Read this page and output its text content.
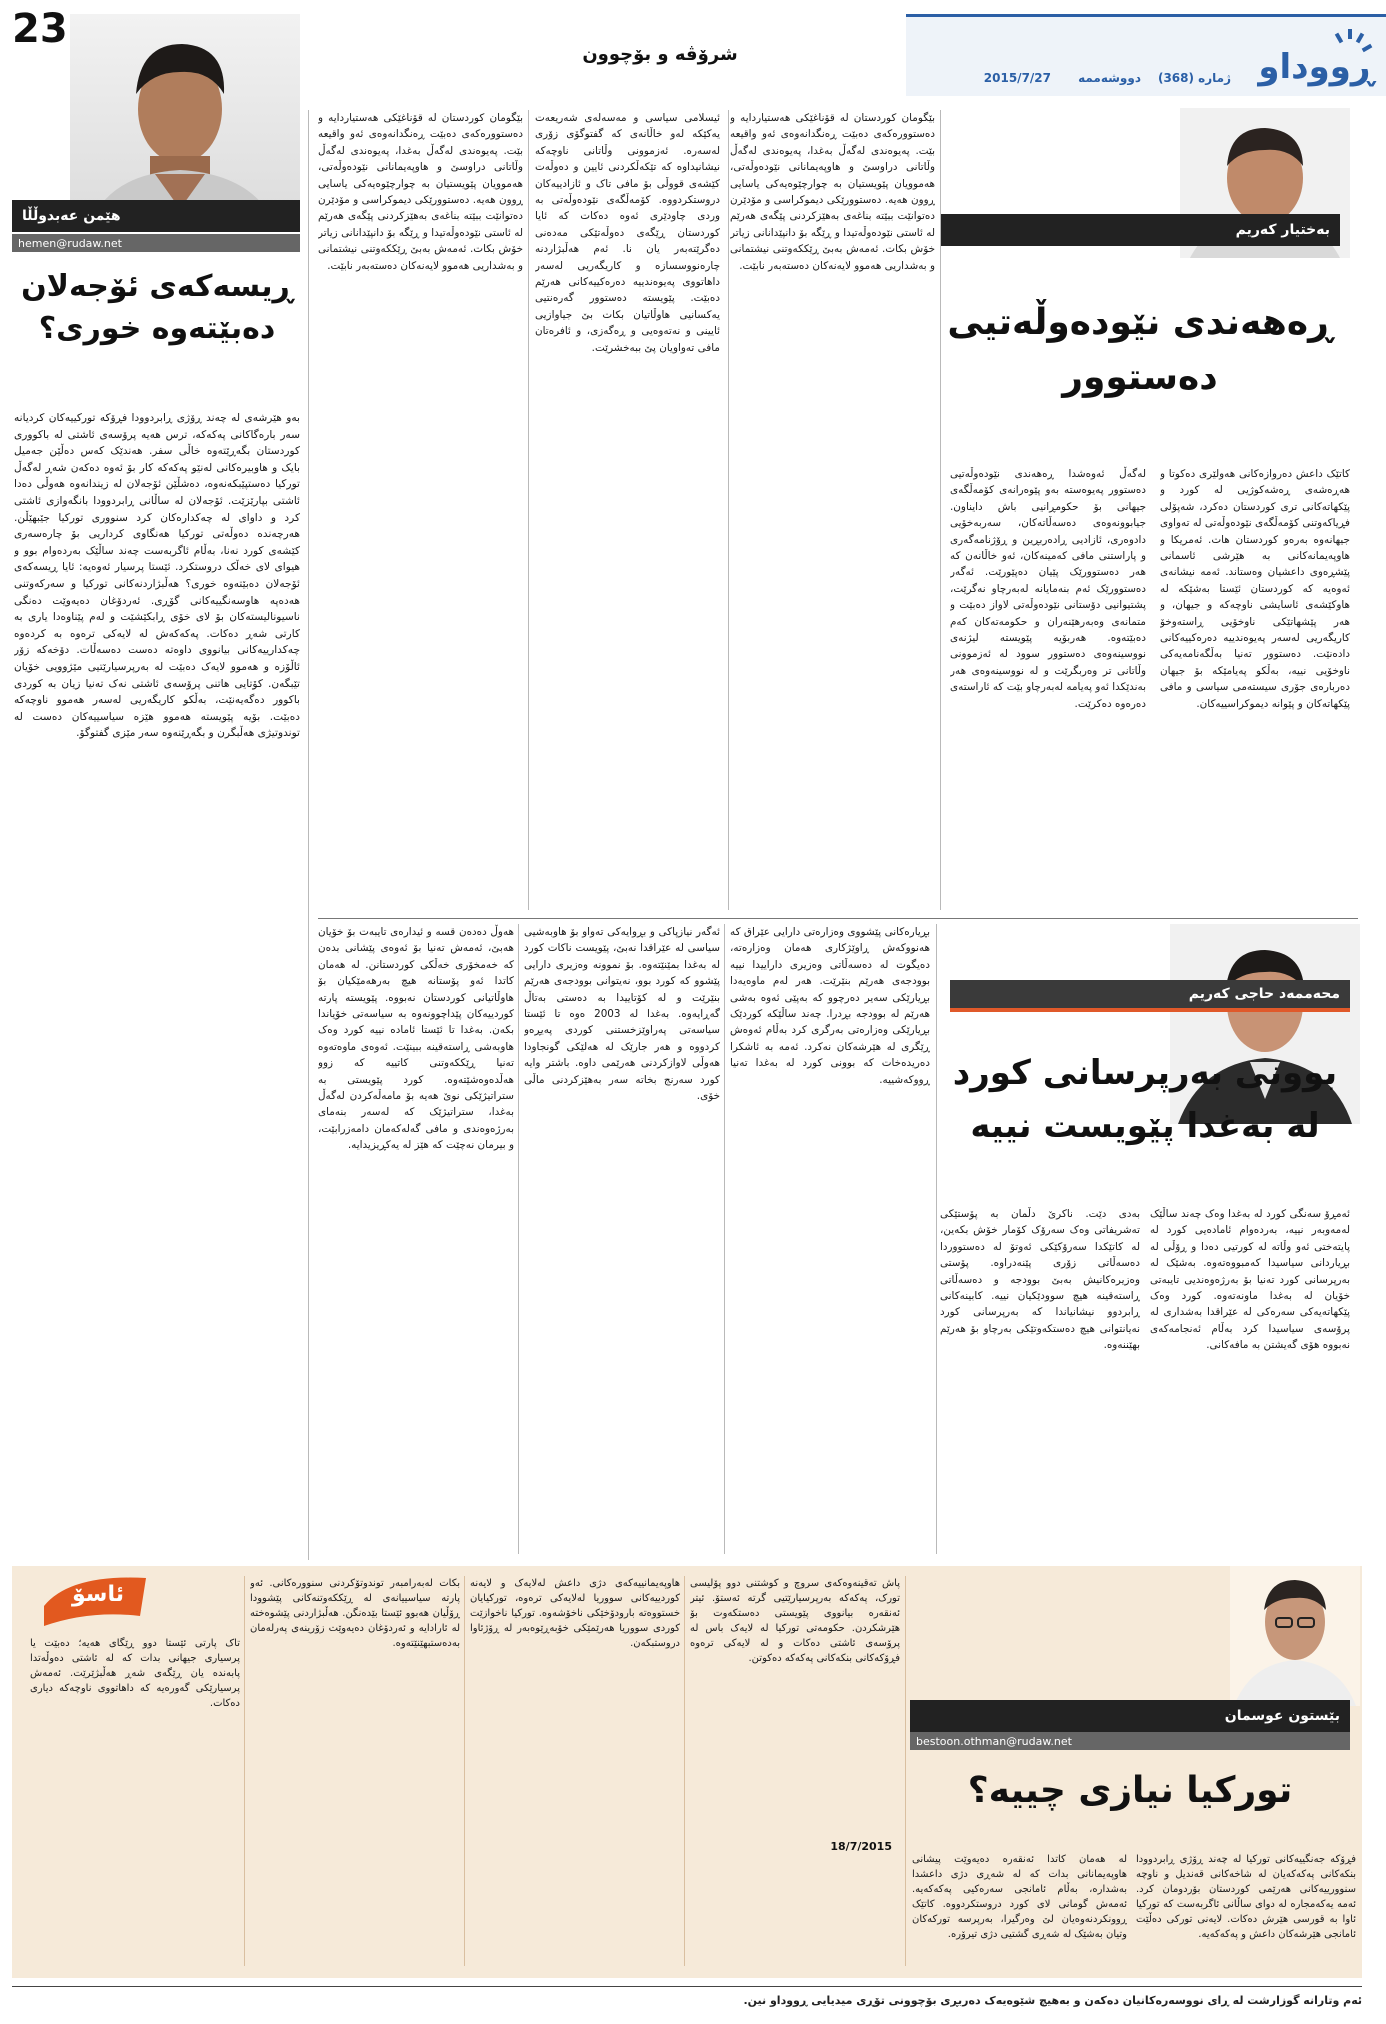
23
شرۆڤە و بۆچوون	ڕووداو
ژمارە (368)
دووشەممە
2015/7/27
هێمن عەبدوڵڵا
hemen@rudaw.net
ڕیسەکەی ئۆجەلان
دەبێتەوە خوری؟
بەو هێرشەی لە چەند ڕۆژی ڕابردوودا فڕۆکە تورکییەکان کردیانە سەر بارەگاکانی پەکەکە، ترس هەیە پرۆسەی ئاشتی لە باکووری کوردستان بگەڕێتەوە خاڵی سفر. هەندێک کەس دەڵێن جەمیل بایک و هاوبیرەکانی لەنێو پەکەکە کار بۆ ئەوە دەکەن شەڕ لەگەڵ تورکیا دەستپێبکەنەوە، دەشڵێن ئۆجەلان لە زیندانەوە هەوڵی دەدا ئاشتی بپارێزێت. ئۆجەلان لە ساڵانی ڕابردوودا بانگەوازی ئاشتی کرد و داوای لە چەکدارەکان کرد سنووری تورکیا جێبهێڵن. هەرچەندە دەوڵەتی تورکیا هەنگاوی کرداریی بۆ چارەسەری کێشەی کورد نەنا، بەڵام ئاگربەست چەند ساڵێک بەردەوام بوو و هیوای لای خەڵک دروستکرد. ئێستا پرسیار ئەوەیە: ئایا ڕیسەکەی ئۆجەلان دەبێتەوە خوری؟ هەڵبژاردنەکانی تورکیا و سەرکەوتنی هەدەپە هاوسەنگییەکانی گۆڕی. ئەردۆغان دەیەوێت دەنگی ناسیونالیستەکان بۆ لای خۆی ڕابکێشێت و لەم پێناوەدا یاری بە کارتی شەڕ دەکات. پەکەکەش لە لایەکی ترەوە بە کردەوە چەکدارییەکانی بیانووی داوەتە دەست دەسەڵات. دۆخەکە زۆر ئاڵۆزە و هەموو لایەک دەبێت لە بەرپرسیارێتیی مێژوویی خۆیان تێبگەن. کۆتایی هاتنی پرۆسەی ئاشتی نەک تەنیا زیان بە کوردی باکوور دەگەیەنێت، بەڵکو کاریگەریی لەسەر هەموو ناوچەکە دەبێت. بۆیە پێویستە هەموو هێزە سیاسییەکان دەست لە توندوتیژی هەڵبگرن و بگەڕێنەوە سەر مێزی گفتوگۆ.
بەختیار کەریم
ڕەهەندی نێودەوڵەتیی
دەستوور
کاتێک داعش دەروازەکانی هەولێری دەکوتا و هەڕەشەی ڕەشەکوژیی لە کورد و پێکهاتەکانی تری کوردستان دەکرد، شەپۆلی فڕیاکەوتنی کۆمەڵگەی نێودەوڵەتی لە تەواوی جیهانەوە بەرەو کوردستان هات. ئەمریکا و هاوپەیمانەکانی بە هێرشی ئاسمانی پێشڕەوی داعشیان وەستاند. ئەمە نیشانەی ئەوەیە کە کوردستان ئێستا بەشێکە لە هاوکێشەی ئاسایشی ناوچەکە و جیهان، و هەر پێشهاتێکی ناوخۆیی ڕاستەوخۆ کاریگەریی لەسەر پەیوەندییە دەرەکییەکانی دادەنێت. دەستوور تەنیا بەڵگەنامەیەکی ناوخۆیی نییە، بەڵکو پەیامێکە بۆ جیهان دەربارەی جۆری سیستەمی سیاسی و مافی پێکهاتەکان و پێوانە دیموکراسییەکان.
لەگەڵ ئەوەشدا ڕەهەندی نێودەوڵەتیی دەستوور پەیوەستە بەو پێوەرانەی کۆمەڵگەی جیهانی بۆ حکومڕانیی باش دایناون. جیابوونەوەی دەسەڵاتەکان، سەربەخۆیی دادوەری، ئازادیی ڕادەربڕین و ڕۆژنامەگەری و پاراستنی مافی کەمینەکان، ئەو خاڵانەن کە هەر دەستوورێک پێیان دەپێورێت. ئەگەر دەستوورێک ئەم بنەمایانە لەبەرچاو نەگرێت، پشتیوانیی دۆستانی نێودەوڵەتی لاواز دەبێت و متمانەی وەبەرهێنەران و حکومەتەکان کەم دەبێتەوە. هەربۆیە پێویستە لیژنەی نووسینەوەی دەستوور سوود لە ئەزموونی وڵاتانی تر وەربگرێت و لە نووسینەوەی هەر بەندێکدا ئەو پەیامە لەبەرچاو بێت کە ئاراستەی دەرەوە دەکرێت.
بێگومان کوردستان لە قۆناغێکی هەستیاردایە و دەستوورەکەی دەبێت ڕەنگدانەوەی ئەو واقیعە بێت. پەیوەندی لەگەڵ بەغدا، پەیوەندی لەگەڵ وڵاتانی دراوسێ و هاوپەیمانانی نێودەوڵەتی، هەموویان پێویستیان بە چوارچێوەیەکی یاسایی ڕوون هەیە. دەستوورێکی دیموکراسی و مۆدێرن دەتوانێت ببێتە بناغەی بەهێزکردنی پێگەی هەرێم لە ئاستی نێودەوڵەتیدا و ڕێگە بۆ دانپێدانانی زیاتر خۆش بکات. ئەمەش بەبێ ڕێککەوتنی نیشتمانی و بەشداریی هەموو لایەنەکان دەستەبەر نابێت.
ئیسلامی سیاسی و مەسەلەی شەریعەت یەکێکە لەو خاڵانەی کە گفتوگۆی زۆری لەسەرە. ئەزموونی وڵاتانی ناوچەکە نیشانیداوە کە تێکەڵکردنی ئایین و دەوڵەت کێشەی قووڵی بۆ مافی تاک و ئازادییەکان دروستکردووە. کۆمەڵگەی نێودەوڵەتی بە وردی چاودێری ئەوە دەکات کە ئایا کوردستان ڕێگەی دەوڵەتێکی مەدەنی دەگرێتەبەر یان نا. ئەم هەڵبژاردنە چارەنووسسازە و کاریگەریی لەسەر داهاتووی پەیوەندییە دەرەکییەکانی هەرێم دەبێت. پێویستە دەستوور گەرەنتیی یەکسانیی هاوڵاتیان بکات بێ جیاوازیی ئایینی و نەتەوەیی و ڕەگەزی، و ئافرەتان مافی تەواویان پێ ببەخشرێت.
بێگومان کوردستان لە قۆناغێکی هەستیاردایە و دەستوورەکەی دەبێت ڕەنگدانەوەی ئەو واقیعە بێت. پەیوەندی لەگەڵ بەغدا، پەیوەندی لەگەڵ وڵاتانی دراوسێ و هاوپەیمانانی نێودەوڵەتی، هەموویان پێویستیان بە چوارچێوەیەکی یاسایی ڕوون هەیە. دەستوورێکی دیموکراسی و مۆدێرن دەتوانێت ببێتە بناغەی بەهێزکردنی پێگەی هەرێم لە ئاستی نێودەوڵەتیدا و ڕێگە بۆ دانپێدانانی زیاتر خۆش بکات. ئەمەش بەبێ ڕێککەوتنی نیشتمانی و بەشداریی هەموو لایەنەکان دەستەبەر نابێت.
محەممەد حاجی کەریم
بوونی بەرپرسانی کورد
لە بەغدا پێویست نییە
ئەمڕۆ سەنگی کورد لە بەغدا وەک چەند ساڵێک لەمەوبەر نییە، بەردەوام ئامادەیی کورد لە پایتەختی ئەو وڵاتە لە کورتیی دەدا و ڕۆڵی لە بڕیاردانی سیاسیدا کەمبووەتەوە. بەشێک لە بەرپرسانی کورد تەنیا بۆ بەرژەوەندیی تایبەتی خۆیان لە بەغدا ماونەتەوە. کورد وەک پێکهاتەیەکی سەرەکی لە عێراقدا بەشداری لە پرۆسەی سیاسیدا کرد بەڵام ئەنجامەکەی نەبووە هۆی گەیشتن بە مافەکانی.
بەدی دێت. ناکرێ دڵمان بە پۆستێکی تەشریفاتی وەک سەرۆک کۆمار خۆش بکەین، لە کاتێکدا سەرۆکێکی ئەوتۆ لە دەستووردا دەسەڵاتی زۆری پێنەدراوە. پۆستی وەزیرەکانیش بەبێ بوودجە و دەسەڵاتی ڕاستەقینە هیچ سوودێکیان نییە. کابینەکانی ڕابردوو نیشانیاندا کە بەرپرسانی کورد نەیانتوانی هیچ دەستکەوتێکی بەرچاو بۆ هەرێم بهێننەوە.
بڕیارەکانی پێشووی وەزارەتی دارایی عێراق کە هەنووکەش ڕاوێژکاری هەمان وەزارەتە، دەیگوت لە دەسەڵاتی وەزیری داراییدا نییە بوودجەی هەرێم بنێرێت. هەر لەم ماوەیەدا بڕیارێکی سەیر دەرچوو کە بەپێی ئەوە بەشی هەرێم لە بوودجە بڕدرا. چەند ساڵێکە کوردێک بڕیارێکی وەزارەتی بەرگری کرد بەڵام ئەوەش ڕێگری لە هێرشەکان نەکرد. ئەمە بە ئاشکرا دەریدەخات کە بوونی کورد لە بەغدا تەنیا ڕووکەشییە.
ئەگەر نیازپاکی و بڕوایەکی تەواو بۆ هاوبەشیی سیاسی لە عێراقدا نەبێ، پێویست ناکات کورد لە بەغدا بمێنێتەوە. بۆ نموونە وەزیری دارایی پێشوو کە کورد بوو، نەیتوانی بوودجەی هەرێم بنێرێت و لە کۆتاییدا بە دەستی بەتاڵ گەڕایەوە. بەغدا لە 2003 ەوە تا ئێستا سیاسەتی پەراوێزخستنی کوردی پەیڕەو کردووە و هەر جارێک لە هەلێکی گونجاودا هەوڵی لاوازکردنی هەرێمی داوە. باشتر وایە کورد سەرنج بخاتە سەر بەهێزکردنی ماڵی خۆی.
هەوڵ دەدەن قسە و ئیدارەی تایبەت بۆ خۆیان هەبێ، ئەمەش تەنیا بۆ ئەوەی پێشانی بدەن کە خەمخۆری خەڵکی کوردستانن. لە هەمان کاتدا ئەو پۆستانە هیچ بەرهەمێکیان بۆ هاوڵاتیانی کوردستان نەبووە. پێویستە پارتە کوردییەکان پێداچوونەوە بە سیاسەتی خۆیاندا بکەن. بەغدا تا ئێستا ئامادە نییە کورد وەک هاوبەشی ڕاستەقینە ببینێت. ئەوەی ماوەتەوە تەنیا ڕێککەوتنی کاتییە کە زوو هەڵدەوەشێتەوە. کورد پێویستی بە ستراتیژێکی نوێ هەیە بۆ مامەڵەکردن لەگەڵ بەغدا، ستراتیژێک کە لەسەر بنەمای بەرژەوەندی و مافی گەلەکەمان دامەزرابێت، و بیرمان نەچێت کە هێز لە یەکڕیزیدایە.
ئاسۆ
بێستون عوسمان
bestoon.othman@rudaw.net
تورکیا نیازی چییە؟
فڕۆکە جەنگییەکانی تورکیا لە چەند ڕۆژی ڕابردوودا بنکەکانی پەکەکەیان لە شاخەکانی قەندیل و ناوچە سنوورییەکانی هەرێمی کوردستان بۆردومان کرد. ئەمە یەکەمجارە لە دوای ساڵانی ئاگربەست کە تورکیا ئاوا بە قورسی هێرش دەکات. لایەنی تورکی دەڵێت ئامانجی هێرشەکان داعش و پەکەکەیە.
لە هەمان کاتدا ئەنقەرە دەیەوێت پیشانی هاوپەیمانانی بدات کە لە شەڕی دژی داعشدا بەشدارە، بەڵام ئامانجی سەرەکیی پەکەکەیە. ئەمەش گومانی لای کورد دروستکردووە. کاتێک ڕوونکردنەوەیان لێ وەرگیرا، بەرپرسە تورکەکان وتیان بەشێک لە شەڕی گشتیی دژی تیرۆرە.
پاش تەقینەوەکەی سروچ و کوشتنی دوو پۆلیسی تورک، پەکەکە بەرپرسیارێتیی گرتە ئەستۆ. ئیتر ئەنقەرە بیانووی پێویستی دەستکەوت بۆ هێرشکردن. حکومەتی تورکیا لە لایەک باس لە پرۆسەی ئاشتی دەکات و لە لایەکی ترەوە فڕۆکەکانی بنکەکانی پەکەکە دەکوتن.
18/7/2015
هاوپەیمانییەکەی دژی داعش لەلایەک و لایەنە کوردییەکانی سووریا لەلایەکی ترەوە، تورکیایان خستووەتە بارودۆخێکی ناخۆشەوە. تورکیا ناخوازێت کوردی سووریا هەرێمێکی خۆبەڕێوەبەر لە ڕۆژئاوا دروستبکەن.
بکات لەبەرامبەر توندوتۆکردنی سنوورەکانی. ئەو پارتە سیاسییانەی لە ڕێککەوتنەکانی پێشوودا ڕۆڵیان هەبوو ئێستا بێدەنگن. هەڵبژاردنی پێشوەختە لە ئارادایە و ئەردۆغان دەیەوێت زۆرینەی پەرلەمان بەدەستبهێنێتەوە.
تاک پارتی ئێستا دوو ڕێگای هەیە؛ دەبێت یا پرسیاری جیهانی بدات کە لە ئاشتی دەوڵەتدا پابەندە یان ڕێگەی شەڕ هەڵبژێرێت. ئەمەش پرسیارێکی گەورەیە کە داهاتووی ناوچەکە دیاری دەکات.
ئەم وتارانە گوزارشت لە ڕای نووسەرەکانیان دەکەن و بەهیچ شێوەیەک دەربڕی بۆچوونی تۆڕی میدیایی ڕووداو نین.
